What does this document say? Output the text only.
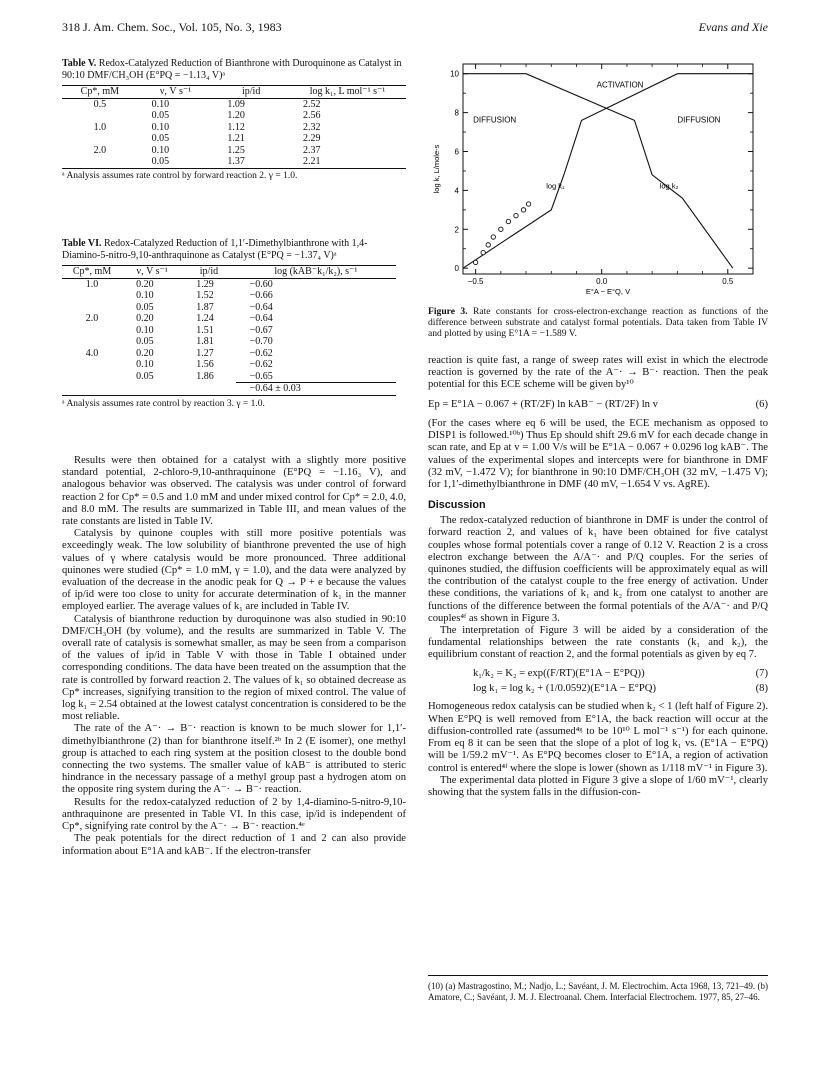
318 J. Am. Chem. Soc., Vol. 105, No. 3, 1983	Evans and Xie
Table V. Redox-Catalyzed Reduction of Bianthrone with Duroquinone as Catalyst in 90:10 DMF/CH₃OH (E°PQ = −1.13₄ V)ᵃ
Cp*, mM	ν, V s⁻¹	ip/id	log k₁, L mol⁻¹ s⁻¹
0.5	0.10	1.09	2.52
	0.05	1.20	2.56
1.0	0.10	1.12	2.32
	0.05	1.21	2.29
2.0	0.10	1.25	2.37
	0.05	1.37	2.21
ᵃ Analysis assumes rate control by forward reaction 2. γ = 1.0.
Table VI. Redox-Catalyzed Reduction of 1,1′-Dimethylbianthrone with 1,4-Diamino-5-nitro-9,10-anthraquinone as Catalyst (E°PQ = −1.37₄ V)ᵃ
Cp*, mM	ν, V s⁻¹	ip/id	log (kAB⁻k₁/k₂), s⁻¹
1.0	0.20	1.29	−0.60
	0.10	1.52	−0.66
	0.05	1.87	−0.64
2.0	0.20	1.24	−0.64
	0.10	1.51	−0.67
	0.05	1.81	−0.70
4.0	0.20	1.27	−0.62
	0.10	1.56	−0.62
	0.05	1.86	−0.65
			−0.64 ± 0.03
ᵃ Analysis assumes rate control by reaction 3. γ = 1.0.

Results were then obtained for a catalyst with a slightly more positive standard potential, 2-chloro-9,10-anthraquinone (E°PQ = −1.16₃ V), and analogous behavior was observed. The catalysis was under control of forward reaction 2 for Cp* = 0.5 and 1.0 mM and under mixed control for Cp* = 2.0, 4.0, and 8.0 mM. The results are summarized in Table III, and mean values of the rate constants are listed in Table IV.

Catalysis by quinone couples with still more positive potentials was exceedingly weak. The low solubility of bianthrone prevented the use of high values of γ where catalysis would be more pronounced. Three additional quinones were studied (Cp* = 1.0 mM, γ = 1.0), and the data were analyzed by evaluation of the decrease in the anodic peak for Q → P + e because the values of ip/id were too close to unity for accurate determination of k₁ in the manner employed earlier. The average values of k₁ are included in Table IV.

Catalysis of bianthrone reduction by duroquinone was also studied in 90:10 DMF/CH₃OH (by volume), and the results are summarized in Table V. The overall rate of catalysis is somewhat smaller, as may be seen from a comparison of the values of ip/id in Table V with those in Table I obtained under corresponding conditions. The data have been treated on the assumption that the rate is controlled by forward reaction 2. The values of k₁ so obtained decrease as Cp* increases, signifying transition to the region of mixed control. The value of log k₁ = 2.54 obtained at the lowest catalyst concentration is considered to be the most reliable.

The rate of the A⁻· → B⁻· reaction is known to be much slower for 1,1′-dimethylbianthrone (2) than for bianthrone itself.²ᵇ In 2 (E isomer), one methyl group is attached to each ring system at the position closest to the double bond connecting the two systems. The smaller value of kAB⁻ is attributed to steric hindrance in the necessary passage of a methyl group past a hydrogen atom on the opposite ring system during the A⁻· → B⁻· reaction.

Results for the redox-catalyzed reduction of 2 by 1,4-diamino-5-nitro-9,10-anthraquinone are presented in Table VI. In this case, ip/id is independent of Cp*, signifying rate control by the A⁻· → B⁻· reaction.⁴ᵉ

The peak potentials for the direct reduction of 1 and 2 can also provide information about E°1A and kAB⁻. If the electron-transfer

0
2
4
6
8
10
−0.5	0.0	0.5
ACTIVATION
DIFFUSION	DIFFUSION
log k₁	log k₂
log k, L/mole-s
E°A − E°Q, V
Figure 3. Rate constants for cross-electron-exchange reaction as functions of the difference between substrate and catalyst formal potentials. Data taken from Table IV and plotted by using E°1A = −1.589 V.

reaction is quite fast, a range of sweep rates will exist in which the electrode reaction is governed by the rate of the A⁻· → B⁻· reaction. Then the peak potential for this ECE scheme will be given by¹⁰

Ep = E°1A − 0.067 + (RT/2F) ln kAB⁻ − (RT/2F) ln v	(6)

(For the cases where eq 6 will be used, the ECE mechanism as opposed to DISP1 is followed.¹⁰ᵇ) Thus Ep should shift 29.6 mV for each decade change in scan rate, and Ep at v = 1.00 V/s will be E°1A − 0.067 + 0.0296 log kAB⁻. The values of the experimental slopes and intercepts were for bianthrone in DMF (32 mV, −1.472 V); for bianthrone in 90:10 DMF/CH₃OH (32 mV, −1.475 V); for 1,1′-dimethylbianthrone in DMF (40 mV, −1.654 V vs. AgRE).

Discussion

The redox-catalyzed reduction of bianthrone in DMF is under the control of forward reaction 2, and values of k₁ have been obtained for five catalyst couples whose formal potentials cover a range of 0.12 V. Reaction 2 is a cross electron exchange between the A/A⁻· and P/Q couples. For the series of quinones studied, the diffusion coefficients will be approximately equal as will the contribution of the catalyst couple to the free energy of activation. Under these conditions, the variations of k₁ and k₂ from one catalyst to another are functions of the difference between the formal potentials of the A/A⁻· and P/Q couples⁴ᶠ as shown in Figure 3.

The interpretation of Figure 3 will be aided by a consideration of the fundamental relationships between the rate constants (k₁ and k₂), the equilibrium constant of reaction 2, and the formal potentials as given by eq 7.

k₁/k₂ = K₂ = exp((F/RT)(E°1A − E°PQ))	(7)
log k₁ = log k₂ + (1/0.0592)(E°1A − E°PQ)	(8)

Homogeneous redox catalysis can be studied when k₂ < 1 (left half of Figure 2). When E°PQ is well removed from E°1A, the back reaction will occur at the diffusion-controlled rate (assumed⁴ᵍ to be 10¹⁰ L mol⁻¹ s⁻¹) for each quinone. From eq 8 it can be seen that the slope of a plot of log k₁ vs. (E°1A − E°PQ) will be 1/59.2 mV⁻¹. As E°PQ becomes closer to E°1A, a region of activation control is entered⁴ᶠ where the slope is lower (shown as 1/118 mV⁻¹ in Figure 3).

The experimental data plotted in Figure 3 give a slope of 1/60 mV⁻¹, clearly showing that the system falls in the diffusion-con-

(10) (a) Mastragostino, M.; Nadjo, L.; Savéant, J. M. Electrochim. Acta 1968, 13, 721–49. (b) Amatore, C.; Savéant, J. M. J. Electroanal. Chem. Interfacial Electrochem. 1977, 85, 27–46.
